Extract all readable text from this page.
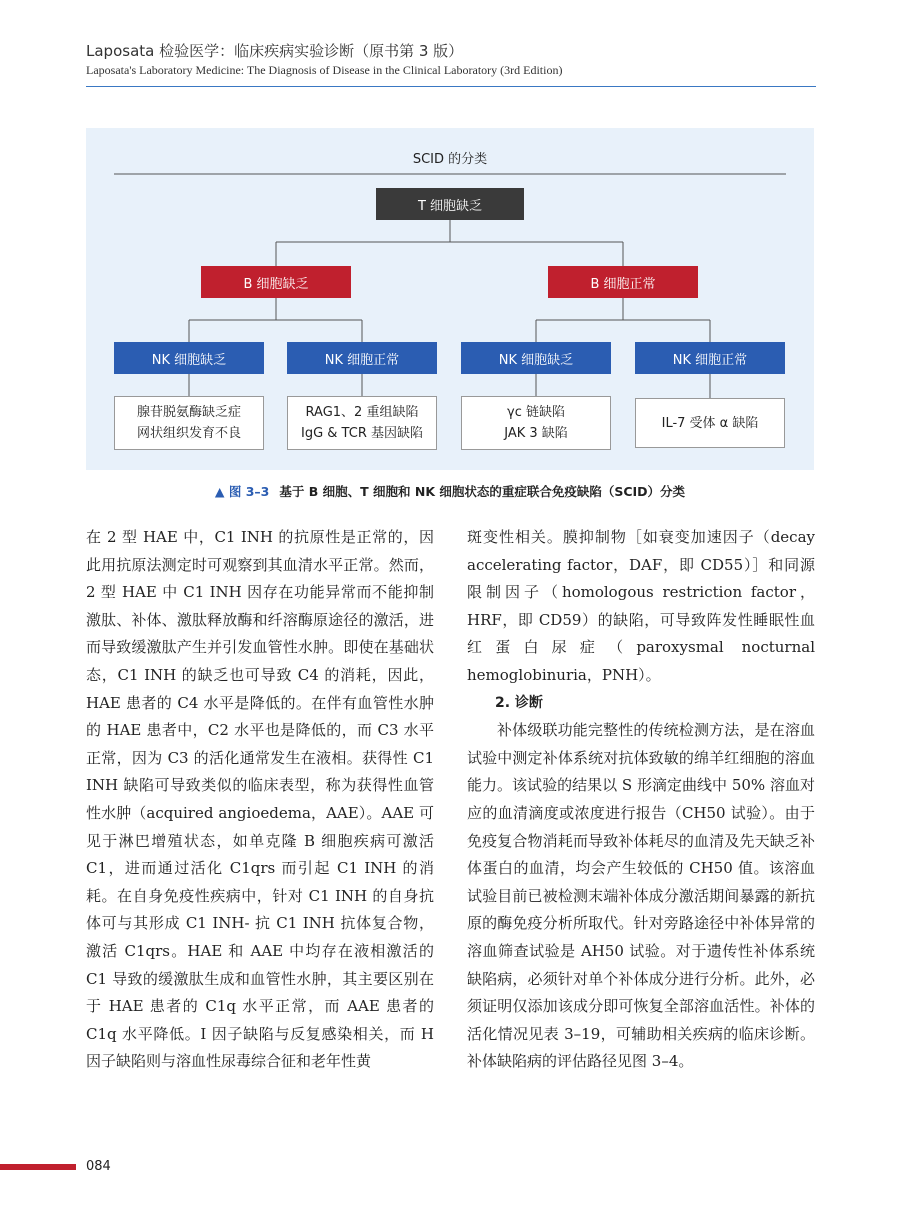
Laposata 检验医学：临床疾病实验诊断（原书第 3 版）
Laposata's Laboratory Medicine: The Diagnosis of Disease in the Clinical Laboratory (3rd Edition)
SCID 的分类
T 细胞缺乏
B 细胞缺乏	B 细胞正常
NK 细胞缺乏	NK 细胞正常	NK 细胞缺乏	NK 细胞正常
腺苷脱氨酶缺乏症
网状组织发育不良
RAG1、2 重组缺陷
IgG & TCR 基因缺陷
γc 链缺陷
JAK 3 缺陷
IL-7 受体 α 缺陷
▲ 图 3–3 基于 B 细胞、T 细胞和 NK 细胞状态的重症联合免疫缺陷（SCID）分类

在 2 型 HAE 中，C1 INH 的抗原性是正常的，因此用抗原法测定时可观察到其血清水平正常。然而，2 型 HAE 中 C1 INH 因存在功能异常而不能抑制激肽、补体、激肽释放酶和纤溶酶原途径的激活，进而导致缓激肽产生并引发血管性水肿。即使在基础状态，C1 INH 的缺乏也可导致 C4 的消耗，因此，HAE 患者的 C4 水平是降低的。在伴有血管性水肿的 HAE 患者中，C2 水平也是降低的，而 C3 水平正常，因为 C3 的活化通常发生在液相。获得性 C1 INH 缺陷可导致类似的临床表型，称为获得性血管性水肿（acquired angioedema，AAE）。AAE 可见于淋巴增殖状态，如单克隆 B 细胞疾病可激活 C1，进而通过活化 C1qrs 而引起 C1 INH 的消耗。在自身免疫性疾病中，针对 C1 INH 的自身抗体可与其形成 C1 INH- 抗 C1 INH 抗体复合物，激活 C1qrs。HAE 和 AAE 中均存在液相激活的 C1 导致的缓激肽生成和血管性水肿，其主要区别在于 HAE 患者的 C1q 水平正常，而 AAE 患者的 C1q 水平降低。I 因子缺陷与反复感染相关，而 H 因子缺陷则与溶血性尿毒综合征和老年性黄

斑变性相关。膜抑制物［如衰变加速因子（decay accelerating factor，DAF，即 CD55）］和同源限制因子（homologous restriction factor，HRF，即 CD59）的缺陷，可导致阵发性睡眠性血红蛋白尿症（paroxysmal nocturnal hemoglobinuria，PNH）。

2. 诊断

补体级联功能完整性的传统检测方法，是在溶血试验中测定补体系统对抗体致敏的绵羊红细胞的溶血能力。该试验的结果以 S 形滴定曲线中 50% 溶血对应的血清滴度或浓度进行报告（CH50 试验）。由于免疫复合物消耗而导致补体耗尽的血清及先天缺乏补体蛋白的血清，均会产生较低的 CH50 值。该溶血试验目前已被检测末端补体成分激活期间暴露的新抗原的酶免疫分析所取代。针对旁路途径中补体异常的溶血筛查试验是 AH50 试验。对于遗传性补体系统缺陷病，必须针对单个补体成分进行分析。此外，必须证明仅添加该成分即可恢复全部溶血活性。补体的活化情况见表 3–19，可辅助相关疾病的临床诊断。补体缺陷病的评估路径见图 3–4。

084
